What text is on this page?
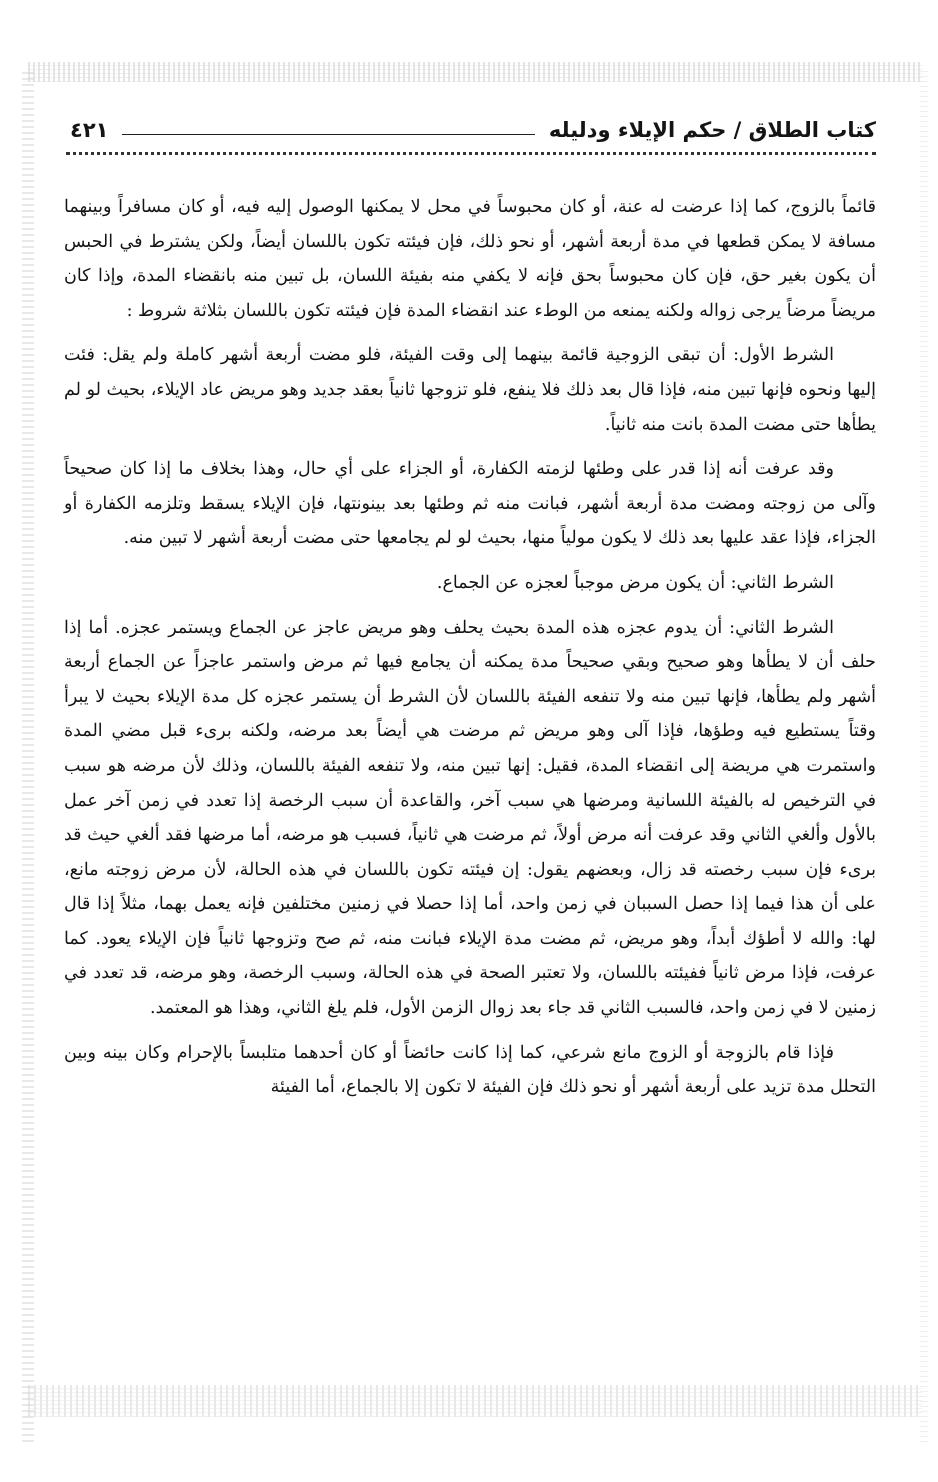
كتاب الطلاق / حكم الإيلاء ودليله
٤٢١

قائماً بالزوج، كما إذا عرضت له عنة، أو كان محبوساً في محل لا يمكنها الوصول إليه فيه، أو كان مسافراً وبينهما مسافة لا يمكن قطعها في مدة أربعة أشهر، أو نحو ذلك، فإن فيئته تكون باللسان أيضاً، ولكن يشترط في الحبس أن يكون بغير حق، فإن كان محبوساً بحق فإنه لا يكفي منه بفيئة اللسان، بل تبين منه بانقضاء المدة، وإذا كان مريضاً مرضاً يرجى زواله ولكنه يمنعه من الوطء عند انقضاء المدة فإن فيئته تكون باللسان بثلاثة شروط :

الشرط الأول: أن تبقى الزوجية قائمة بينهما إلى وقت الفيئة، فلو مضت أربعة أشهر كاملة ولم يقل: فئت إليها ونحوه فإنها تبين منه، فإذا قال بعد ذلك فلا ينفع، فلو تزوجها ثانياً بعقد جديد وهو مريض عاد الإيلاء، بحيث لو لم يطأها حتى مضت المدة بانت منه ثانياً.

وقد عرفت أنه إذا قدر على وطئها لزمته الكفارة، أو الجزاء على أي حال، وهذا بخلاف ما إذا كان صحيحاً وآلى من زوجته ومضت مدة أربعة أشهر، فبانت منه ثم وطئها بعد بينونتها، فإن الإيلاء يسقط وتلزمه الكفارة أو الجزاء، فإذا عقد عليها بعد ذلك لا يكون مولياً منها، بحيث لو لم يجامعها حتى مضت أربعة أشهر لا تبين منه.

الشرط الثاني: أن يكون مرض موجباً لعجزه عن الجماع.

الشرط الثاني: أن يدوم عجزه هذه المدة بحيث يحلف وهو مريض عاجز عن الجماع ويستمر عجزه. أما إذا حلف أن لا يطأها وهو صحيح وبقي صحيحاً مدة يمكنه أن يجامع فيها ثم مرض واستمر عاجزاً عن الجماع أربعة أشهر ولم يطأها، فإنها تبين منه ولا تنفعه الفيئة باللسان لأن الشرط أن يستمر عجزه كل مدة الإيلاء بحيث لا يبرأ وقتاً يستطيع فيه وطؤها، فإذا آلى وهو مريض ثم مرضت هي أيضاً بعد مرضه، ولكنه برىء قبل مضي المدة واستمرت هي مريضة إلى انقضاء المدة، فقيل: إنها تبين منه، ولا تنفعه الفيئة باللسان، وذلك لأن مرضه هو سبب في الترخيص له بالفيئة اللسانية ومرضها هي سبب آخر، والقاعدة أن سبب الرخصة إذا تعدد في زمن آخر عمل بالأول وألغي الثاني وقد عرفت أنه مرض أولاً، ثم مرضت هي ثانياً، فسبب هو مرضه، أما مرضها فقد ألغي حيث قد برىء فإن سبب رخصته قد زال، وبعضهم يقول: إن فيئته تكون باللسان في هذه الحالة، لأن مرض زوجته مانع، على أن هذا فيما إذا حصل السببان في زمن واحد، أما إذا حصلا في زمنين مختلفين فإنه يعمل بهما، مثلاً إذا قال لها: والله لا أطؤك أبداً، وهو مريض، ثم مضت مدة الإيلاء فبانت منه، ثم صح وتزوجها ثانياً فإن الإيلاء يعود. كما عرفت، فإذا مرض ثانياً ففيئته باللسان، ولا تعتبر الصحة في هذه الحالة، وسبب الرخصة، وهو مرضه، قد تعدد في زمنين لا في زمن واحد، فالسبب الثاني قد جاء بعد زوال الزمن الأول، فلم يلغ الثاني، وهذا هو المعتمد.

فإذا قام بالزوجة أو الزوج مانع شرعي، كما إذا كانت حائضاً أو كان أحدهما متلبساً بالإحرام وكان بينه وبين التحلل مدة تزيد على أربعة أشهر أو نحو ذلك فإن الفيئة لا تكون إلا بالجماع، أما الفيئة
